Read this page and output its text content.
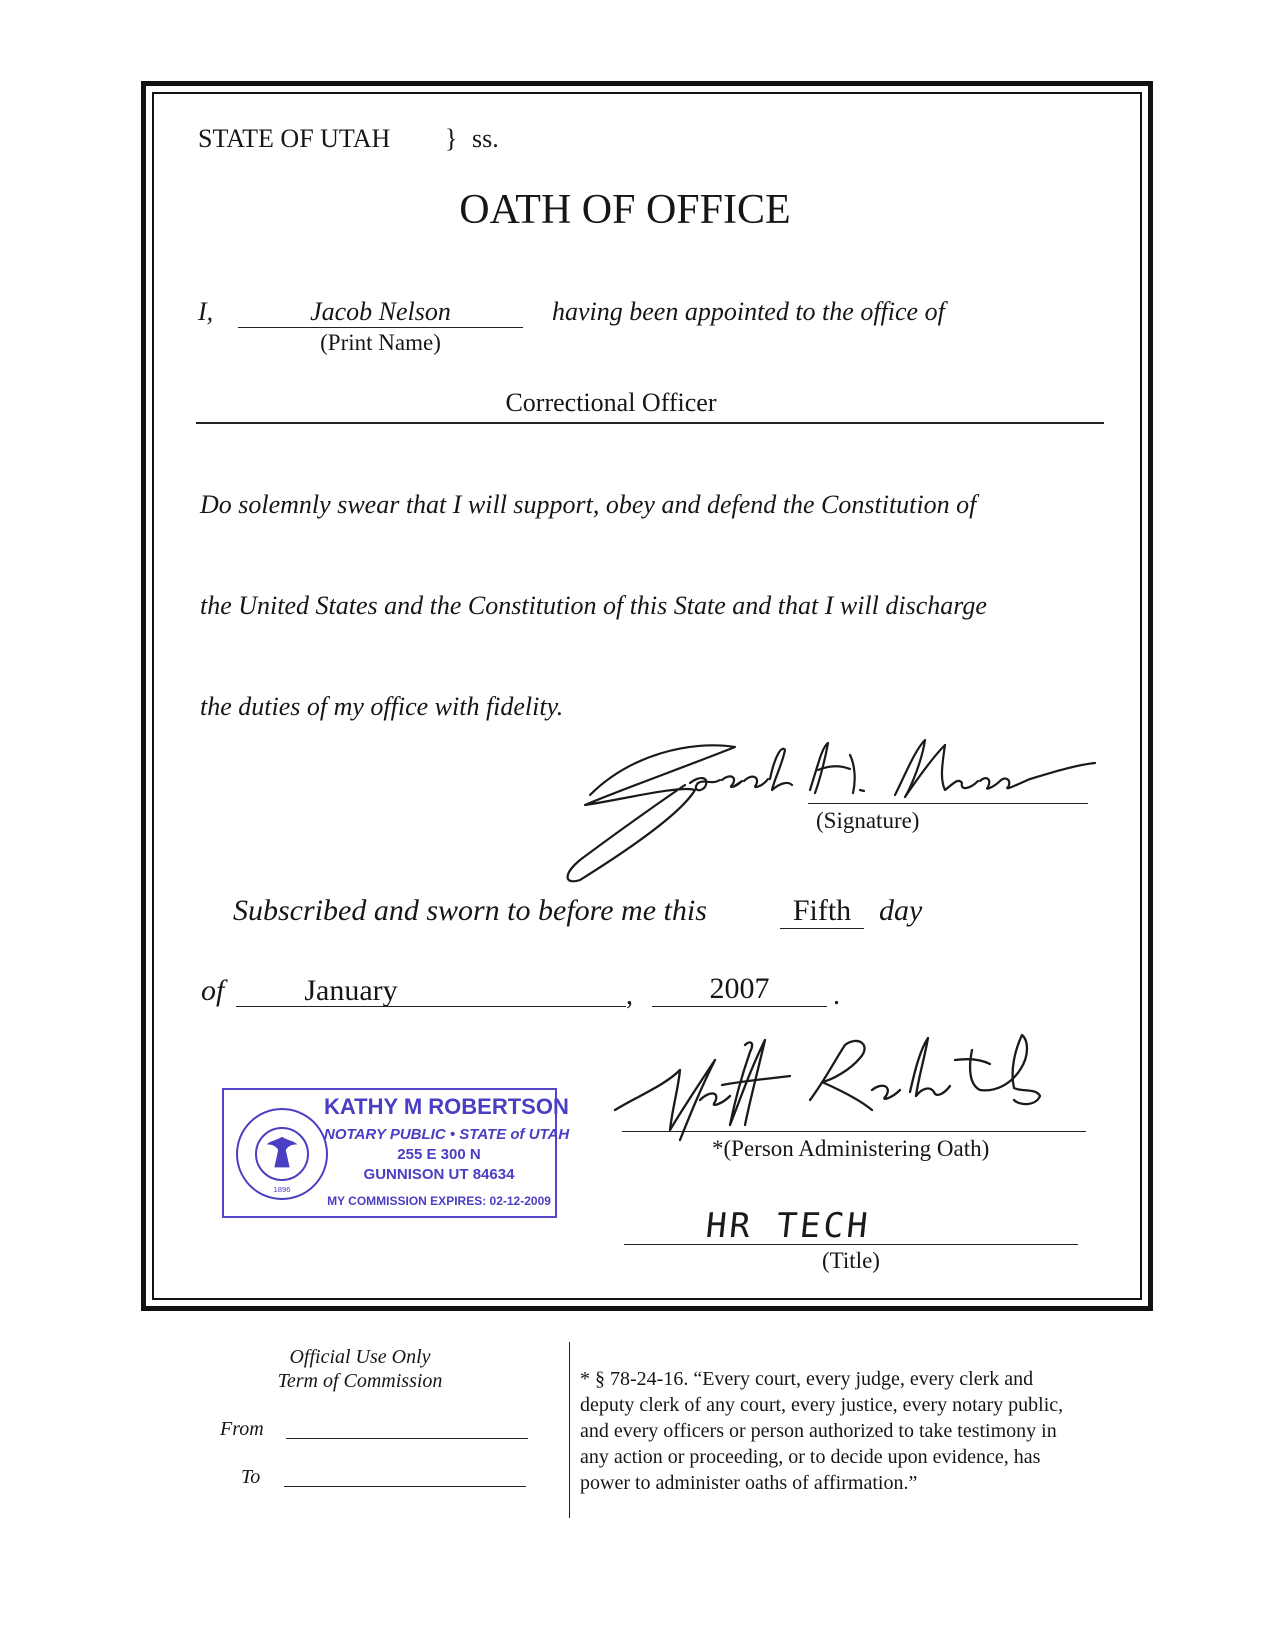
STATE OF UTAH } ss.
OATH OF OFFICE
I,	Jacob Nelson
(Print Name)
having been appointed to the office of
Correctional Officer
Do solemnly swear that I will support, obey and defend the Constitution of
the United States and the Constitution of this State and that I will discharge
the duties of my office with fidelity.
(Signature)
Subscribed and sworn to before me this	Fifth day
of	January	,	2007	.
1896
KATHY M ROBERTSON
NOTARY PUBLIC • STATE of UTAH
255 E 300 N
GUNNISON UT 84634
MY COMMISSION EXPIRES: 02-12-2009
*(Person Administering Oath)
HR TECH
(Title)
Official Use Only
Term of Commission
From
To
* § 78-24-16. “Every court, every judge, every clerk and
deputy clerk of any court, every justice, every notary public,
and every officers or person authorized to take testimony in
any action or proceeding, or to decide upon evidence, has
power to administer oaths of affirmation.”
